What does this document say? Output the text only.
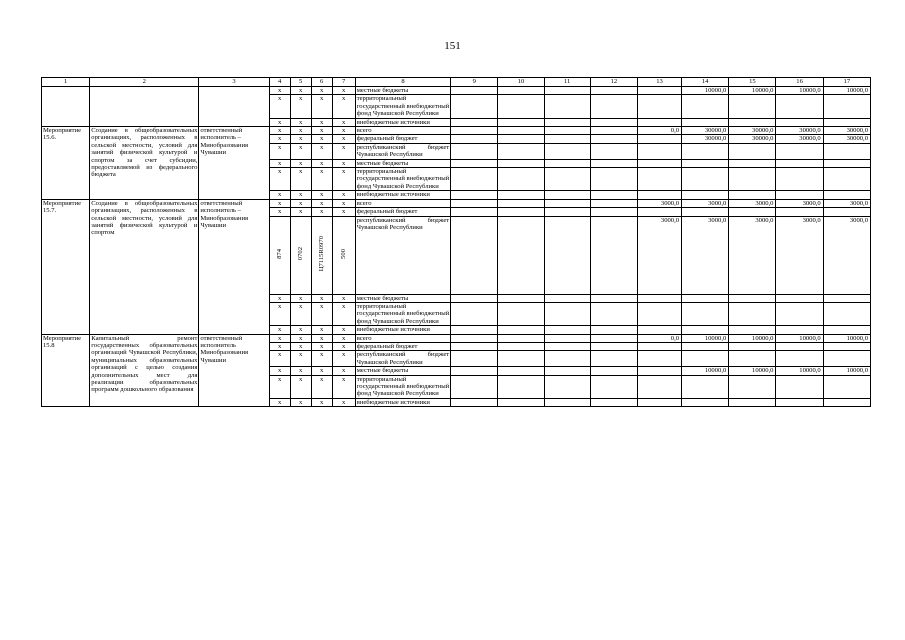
151
1	2	3	4	5	6	7	8	9	10	11	12	13	14	15	16	17
			x	x	x	x	местные бюджеты						10000,0	10000,0	10000,0	10000,0
			x	x	x	x	территориальный государственный внебюджетный фонд Чувашской Республики									
			x	x	x	x	внебюджетные источники									
Мероприятие 15.6.	Создание в общеобразовательных организациях, расположенных в сельской местности, условий для занятий физической культурой и спортом за счет субсидии, предоставляемой из федерального бюджета	ответственный исполнитель – Минобразования Чувашии	x	x	x	x	всего					0,0	30000,0	30000,0	30000,0	30000,0
			x	x	x	x	федеральный бюджет						30000,0	30000,0	30000,0	30000,0
			x	x	x	x	республиканский бюджет Чувашской Республики									
			x	x	x	x	местные бюджеты									
			x	x	x	x	территориальный государственный внебюджетный фонд Чувашской Республики									
			x	x	x	x	внебюджетные источники									
Мероприятие 15.7.	Создание в общеобразовательных организациях, расположенных в сельской местности, условий для занятий физической культурой и спортом	ответственный исполнитель – Минобразования Чувашии	x	x	x	x	всего					3000,0	3000,0	3000,0	3000,0	3000,0
			x	x	x	x	федеральный бюджет									
			874	0702	Ц7115R0970	500	республиканский бюджет Чувашской Республики					3000,0	3000,0	3000,0	3000,0	3000,0
			x	x	x	x	местные бюджеты									
			x	x	x	x	территориальный государственный внебюджетный фонд Чувашской Республики									
			x	x	x	x	внебюджетные источники									
Мероприятие 15.8	Капитальный ремонт государственных образовательных организаций Чувашской Республики, муниципальных образовательных организаций с целью создания дополнительных мест для реализации образовательных программ дошкольного образования	ответственный исполнитель Минобразования Чувашии	x	x	x	x	всего					0,0	10000,0	10000,0	10000,0	10000,0
			x	x	x	x	федеральный бюджет									
			x	x	x	x	республиканский бюджет Чувашской Республики									
			x	x	x	x	местные бюджеты						10000,0	10000,0	10000,0	10000,0
			x	x	x	x	территориальный государственный внебюджетный фонд Чувашской Республики									
			x	x	x	x	внебюджетные источники									
